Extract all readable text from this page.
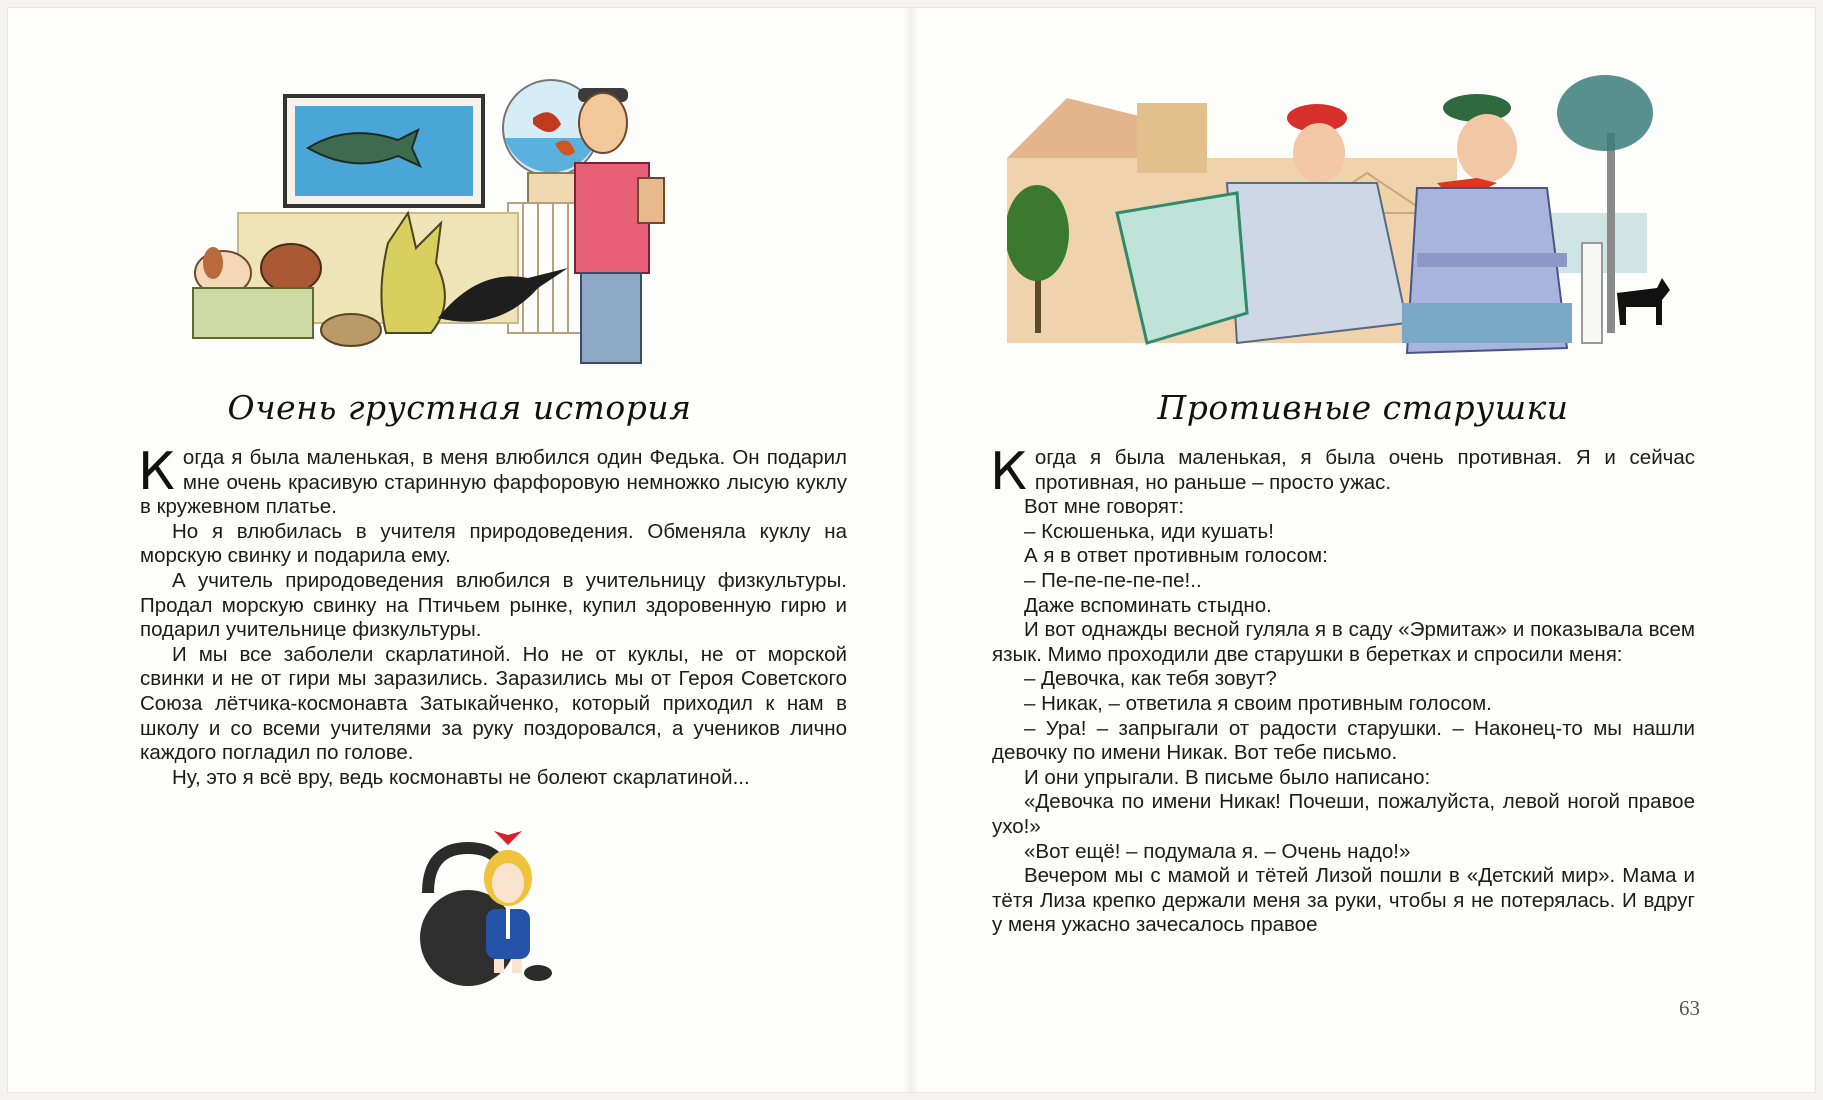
Очень грустная история

Когда я была маленькая, в меня влюбился один Федька. Он подарил мне очень красивую старинную фарфоровую немножко лысую куклу в кружевном платье.

Но я влюбилась в учителя природоведения. Обменяла куклу на морскую свинку и подарила ему.

А учитель природоведения влюбился в учительницу физкультуры. Продал морскую свинку на Птичьем рынке, купил здоровенную гирю и подарил учительнице физкультуры.

И мы все заболели скарлатиной. Но не от куклы, не от морской свинки и не от гири мы заразились. Заразились мы от Героя Советского Союза лётчика-космонавта Затыкайченко, который приходил к нам в школу и со всеми учителями за руку поздоровался, а учеников лично каждого погладил по голове.

Ну, это я всё вру, ведь космонавты не болеют скарлатиной...

Противные старушки

Когда я была маленькая, я была очень противная. Я и сейчас противная, но раньше – просто ужас.

Вот мне говорят:

– Ксюшенька, иди кушать!

А я в ответ противным голосом:

– Пе-пе-пе-пе-пе!..

Даже вспоминать стыдно.

И вот однажды весной гуляла я в саду «Эрмитаж» и показывала всем язык. Мимо проходили две старушки в беретках и спросили меня:

– Девочка, как тебя зовут?

– Никак, – ответила я своим противным голосом.

– Ура! – запрыгали от радости старушки. – Наконец-то мы нашли девочку по имени Никак. Вот тебе письмо.

И они упрыгали. В письме было написано:

«Девочка по имени Никак! Почеши, пожалуйста, левой ногой правое ухо!»

«Вот ещё! – подумала я. – Очень надо!»

Вечером мы с мамой и тётей Лизой пошли в «Детский мир». Мама и тётя Лиза крепко держали меня за руки, чтобы я не потерялась. И вдруг у меня ужасно зачесалось правое

63
